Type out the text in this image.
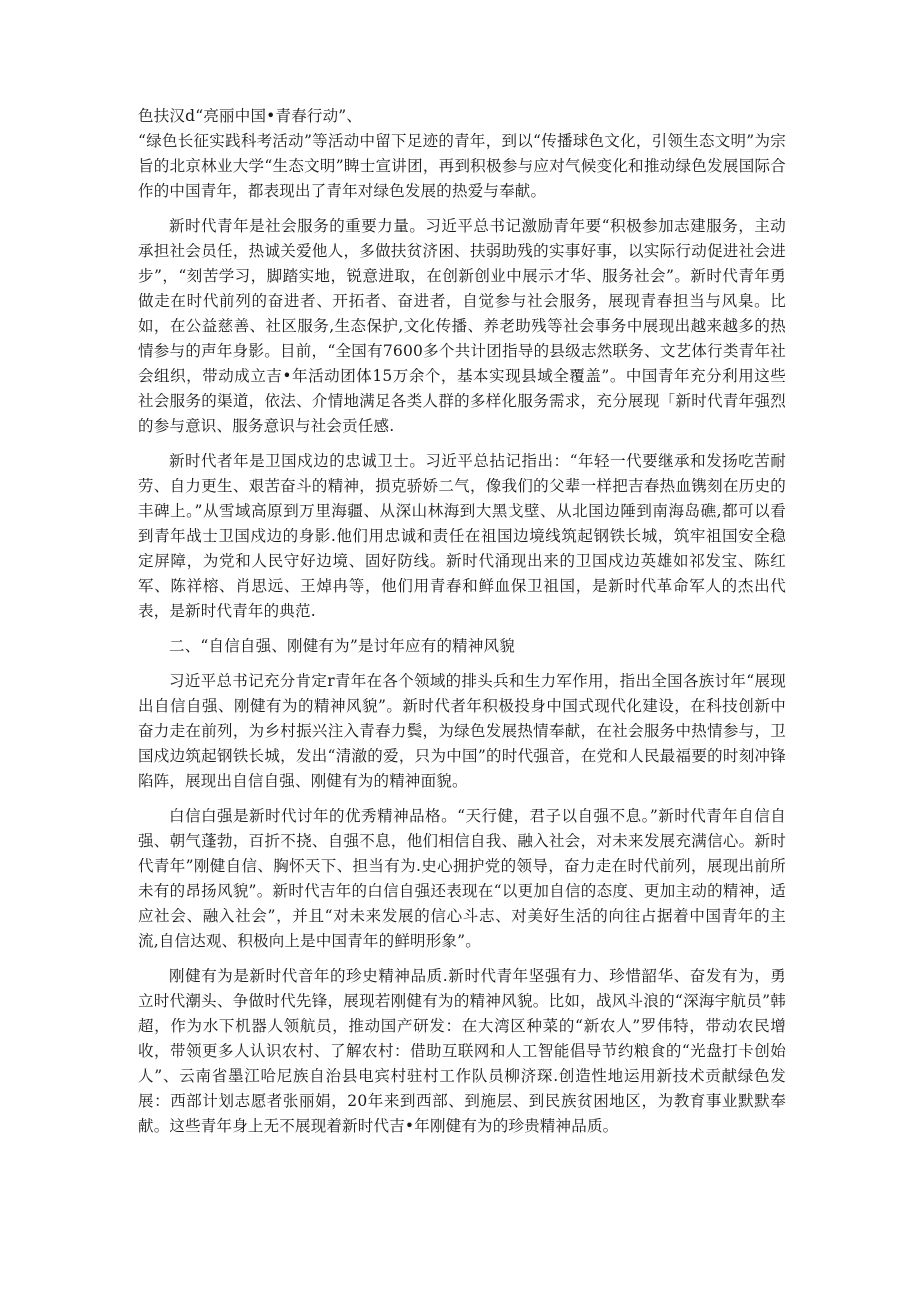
色扶汉d“亮丽中国•青春行动”、

“绿色长征实践科考活动”等活动中留下足迹的青年，到以“传播球色文化，引领生态文明”为宗旨的北京林业大学“生态文明”睥士宣讲团，再到积极参与应对气候变化和推动绿色发展国际合作的中国青年，都表现出了青年对绿色发展的热爱与奉献。

新时代青年是社会服务的重要力量。习近平总书记激励青年要“积极参加志建服务，主动承担社会员任，热诚关爱他人，多做扶贫济困、扶弱助残的实事好事，以实际行动促进社会进步”，“刻苦学习，脚踏实地，锐意进取，在创新创业中展示才华、服务社会”。新时代青年勇做走在时代前列的奋进者、开拓者、奋进者，自觉参与社会服务，展现青春担当与风臬。比如，在公益慈善、社区服务,生态保护,文化传播、养老助残等社会事务中展现出越来越多的热情参与的声年身影。目前，“全国有7600多个共计团指导的县级志然联务、文艺体行类青年社会组织，带动成立吉•年活动团体15万余个，基本实现县域全覆盖”。中国青年充分利用这些社会服务的渠道，依法、介情地满足各类人群的多样化服务需求，充分展现「新时代青年强烈的参与意识、服务意识与社会贡任感.

新时代者年是卫国戍边的忠诚卫士。习近平总拈记指出：“年轻一代要继承和发扬吃苦耐劳、自力更生、艰苦奋斗的精神，损克骄娇二气，像我们的父辈一样把吉春热血镌刻在历史的丰碑上。”从雪域高原到万里海疆、从深山林海到大黑戈壁、从北国边陲到南海岛礁,都可以看到青年战士卫国戍边的身影.他们用忠诚和责任在祖国边境线筑起钢铁长城，筑牢祖国安全稳定屏障，为党和人民守好边境、固好防线。新时代涌现出来的卫国戍边英雄如祁发宝、陈红军、陈祥榕、肖思远、王焯冉等，他们用青春和鲜血保卫祖国，是新时代革命军人的杰出代表，是新时代青年的典范.

二、“自信自强、刚健有为”是讨年应有的精神风貌

习近平总书记充分肯定r青年在各个领域的排头兵和生力军作用，指出全国各族讨年“展现出自信自强、刚健有为的精神风貌”。新时代者年积极投身中国式现代化建设，在科技创新中奋力走在前列，为乡村振兴注入青春力鬓，为绿色发展热情奉献，在社会服务中热情参与，卫国戍边筑起钢铁长城，发出“清澈的爱，只为中国”的时代强音，在党和人民最福要的时刻冲锋陷阵，展现出自信自强、刚健有为的精神面貌。

白信白强是新时代讨年的优秀精神品格。“天行健，君子以自强不息。”新时代青年自信自强、朝气蓬勃，百折不挠、自强不息，他们相信自我、融入社会，对未来发展充满信心。新时代青年”刚健自信、胸怀天下、担当有为.史心拥护党的领导，奋力走在时代前列，展现出前所未有的昂扬风貌”。新时代吉年的白信自强还表现在“以更加自信的态度、更加主动的精神，适应社会、融入社会”，并且“对未来发展的信心斗志、对美好生活的向往占据着中国青年的主流,自信达观、积极向上是中国青年的鲜明形象”。

刚健有为是新时代音年的珍史精神品质.新时代青年坚强有力、珍惜韶华、奋发有为，勇立时代潮头、争做时代先锋，展现若刚健有为的精神风貌。比如，战风斗浪的“深海宇航员”韩超，作为水下机器人领航员，推动国产研发：在大湾区种菜的“新农人”罗伟特，带动农民增收，带领更多人认识农村、了解农村：借助互联网和人工智能倡导节约粮食的“光盘打卡创始人”、云南省墨江哈尼族自治县电宾村驻村工作队员柳济琛.创造性地运用新技术贡献绿色发展：西部计划志愿者张丽娟，20年来到西部、到施层、到民族贫困地区，为教育事业默默奉献。这些青年身上无不展现着新时代吉•年刚健有为的珍贵精神品质。
